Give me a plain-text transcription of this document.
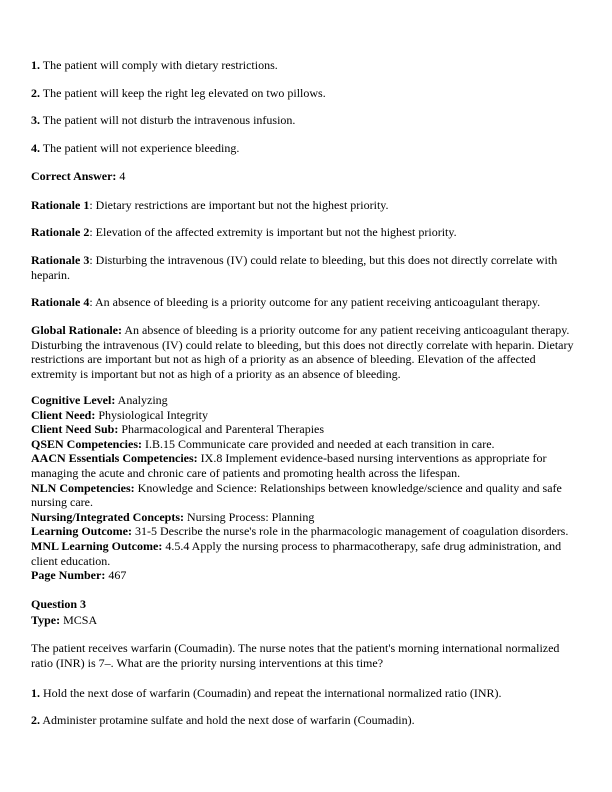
1. The patient will comply with dietary restrictions.
2. The patient will keep the right leg elevated on two pillows.
3. The patient will not disturb the intravenous infusion.
4. The patient will not experience bleeding.
Correct Answer: 4
Rationale 1: Dietary restrictions are important but not the highest priority.
Rationale 2: Elevation of the affected extremity is important but not the highest priority.
Rationale 3: Disturbing the intravenous (IV) could relate to bleeding, but this does not directly correlate with heparin.
Rationale 4: An absence of bleeding is a priority outcome for any patient receiving anticoagulant therapy.
Global Rationale: An absence of bleeding is a priority outcome for any patient receiving anticoagulant therapy. Disturbing the intravenous (IV) could relate to bleeding, but this does not directly correlate with heparin. Dietary restrictions are important but not as high of a priority as an absence of bleeding. Elevation of the affected extremity is important but not as high of a priority as an absence of bleeding.
Cognitive Level: Analyzing
Client Need: Physiological Integrity
Client Need Sub: Pharmacological and Parenteral Therapies
QSEN Competencies: I.B.15 Communicate care provided and needed at each transition in care.
AACN Essentials Competencies: IX.8 Implement evidence-based nursing interventions as appropriate for managing the acute and chronic care of patients and promoting health across the lifespan.
NLN Competencies: Knowledge and Science: Relationships between knowledge/science and quality and safe nursing care.
Nursing/Integrated Concepts: Nursing Process: Planning
Learning Outcome: 31-5 Describe the nurse's role in the pharmacologic management of coagulation disorders.
MNL Learning Outcome: 4.5.4 Apply the nursing process to pharmacotherapy, safe drug administration, and client education.
Page Number: 467
Question 3
Type: MCSA
The patient receives warfarin (Coumadin). The nurse notes that the patient's morning international normalized ratio (INR) is 7–. What are the priority nursing interventions at this time?
1. Hold the next dose of warfarin (Coumadin) and repeat the international normalized ratio (INR).
2. Administer protamine sulfate and hold the next dose of warfarin (Coumadin).
